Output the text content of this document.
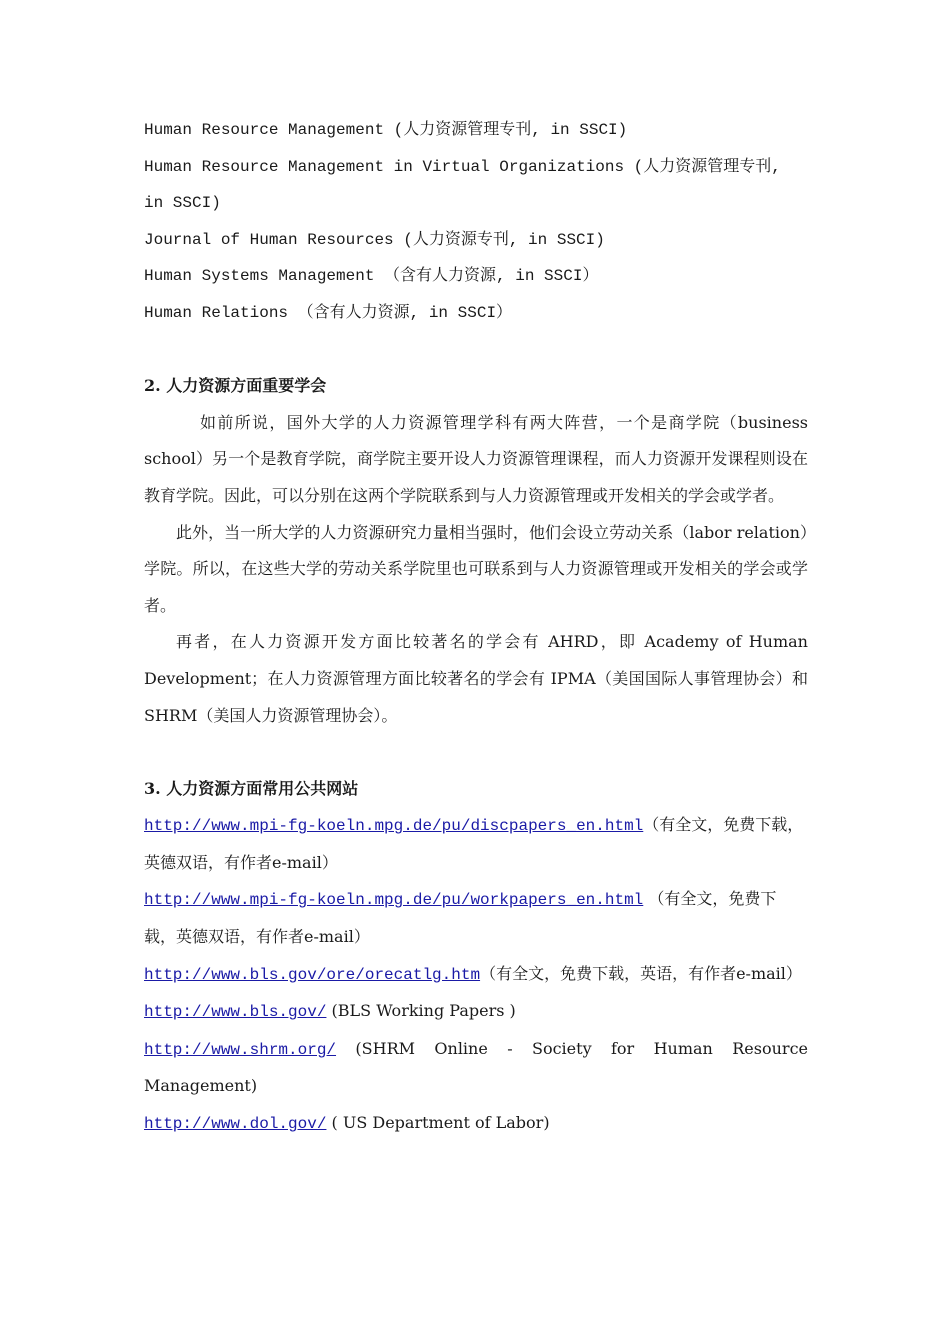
Human Resource Management (人力资源管理专刊, in SSCI)
Human Resource Management in Virtual Organizations (人力资源管理专刊,
in SSCI)
Journal of Human Resources (人力资源专刊, in SSCI)
Human Systems Management （含有人力资源, in SSCI）
Human Relations （含有人力资源, in SSCI）
2. 人力资源方面重要学会
如前所说，国外大学的人力资源管理学科有两大阵营，一个是商学院（business school）另一个是教育学院，商学院主要开设人力资源管理课程，而人力资源开发课程则设在教育学院。因此，可以分别在这两个学院联系到与人力资源管理或开发相关的学会或学者。
此外，当一所大学的人力资源研究力量相当强时，他们会设立劳动关系（labor relation）学院。所以，在这些大学的劳动关系学院里也可联系到与人力资源管理或开发相关的学会或学者。
再者，在人力资源开发方面比较著名的学会有 AHRD，即 Academy of Human Development；在人力资源管理方面比较著名的学会有 IPMA（美国国际人事管理协会）和SHRM（美国人力资源管理协会）。
3. 人力资源方面常用公共网站
http://www.mpi-fg-koeln.mpg.de/pu/discpapers_en.html（有全文，免费下载，英德双语，有作者e-mail）
http://www.mpi-fg-koeln.mpg.de/pu/workpapers_en.html （有全文，免费下载，英德双语，有作者e-mail）
http://www.bls.gov/ore/orecatlg.htm（有全文，免费下载，英语，有作者e-mail）
http://www.bls.gov/ (BLS Working Papers )
http://www.shrm.org/ (SHRM Online - Society for Human Resource Management)
http://www.dol.gov/ ( US Department of Labor)
